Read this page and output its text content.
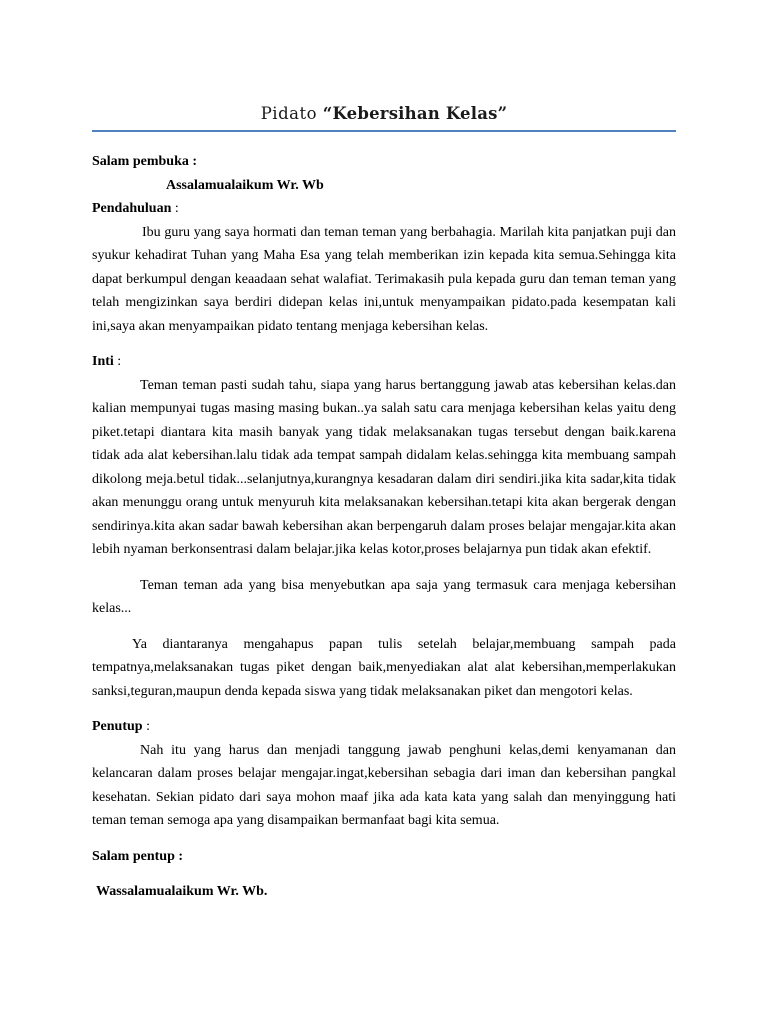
Pidato “Kebersihan Kelas”
Salam pembuka :
Assalamualaikum Wr. Wb
Pendahuluan :

Ibu guru yang saya hormati dan teman teman yang berbahagia. Marilah kita panjatkan puji dan syukur kehadirat Tuhan yang Maha Esa yang telah memberikan izin kepada kita semua.Sehingga kita dapat berkumpul dengan keaadaan sehat walafiat. Terimakasih pula kepada guru dan teman teman yang telah mengizinkan saya berdiri didepan kelas ini,untuk menyampaikan pidato.pada kesempatan kali ini,saya akan menyampaikan pidato tentang menjaga kebersihan kelas.

Inti :

Teman teman pasti sudah tahu, siapa yang harus bertanggung jawab atas kebersihan kelas.dan kalian mempunyai tugas masing masing bukan..ya salah satu cara menjaga kebersihan kelas yaitu deng piket.tetapi diantara kita masih banyak yang tidak melaksanakan tugas tersebut dengan baik.karena tidak ada alat kebersihan.lalu tidak ada tempat sampah didalam kelas.sehingga kita membuang sampah dikolong meja.betul tidak...selanjutnya,kurangnya kesadaran dalam diri sendiri.jika kita sadar,kita tidak akan menunggu orang untuk menyuruh kita melaksanakan kebersihan.tetapi kita akan bergerak dengan sendirinya.kita akan sadar bawah kebersihan akan berpengaruh dalam proses belajar mengajar.kita akan lebih nyaman berkonsentrasi dalam belajar.jika kelas kotor,proses belajarnya pun tidak akan efektif.

Teman teman ada yang bisa menyebutkan apa saja yang termasuk cara menjaga kebersihan kelas...

Ya diantaranya mengahapus papan tulis setelah belajar,membuang sampah pada tempatnya,melaksanakan tugas piket dengan baik,menyediakan alat alat kebersihan,memperlakukan sanksi,teguran,maupun denda kepada siswa yang tidak melaksanakan piket dan mengotori kelas.

Penutup :

Nah itu yang harus dan menjadi tanggung jawab penghuni kelas,demi kenyamanan dan kelancaran dalam proses belajar mengajar.ingat,kebersihan sebagia dari iman dan kebersihan pangkal kesehatan. Sekian pidato dari saya mohon maaf jika ada kata kata yang salah dan menyinggung hati teman teman semoga apa yang disampaikan bermanfaat bagi kita semua.

Salam pentup :
Wassalamualaikum Wr. Wb.
